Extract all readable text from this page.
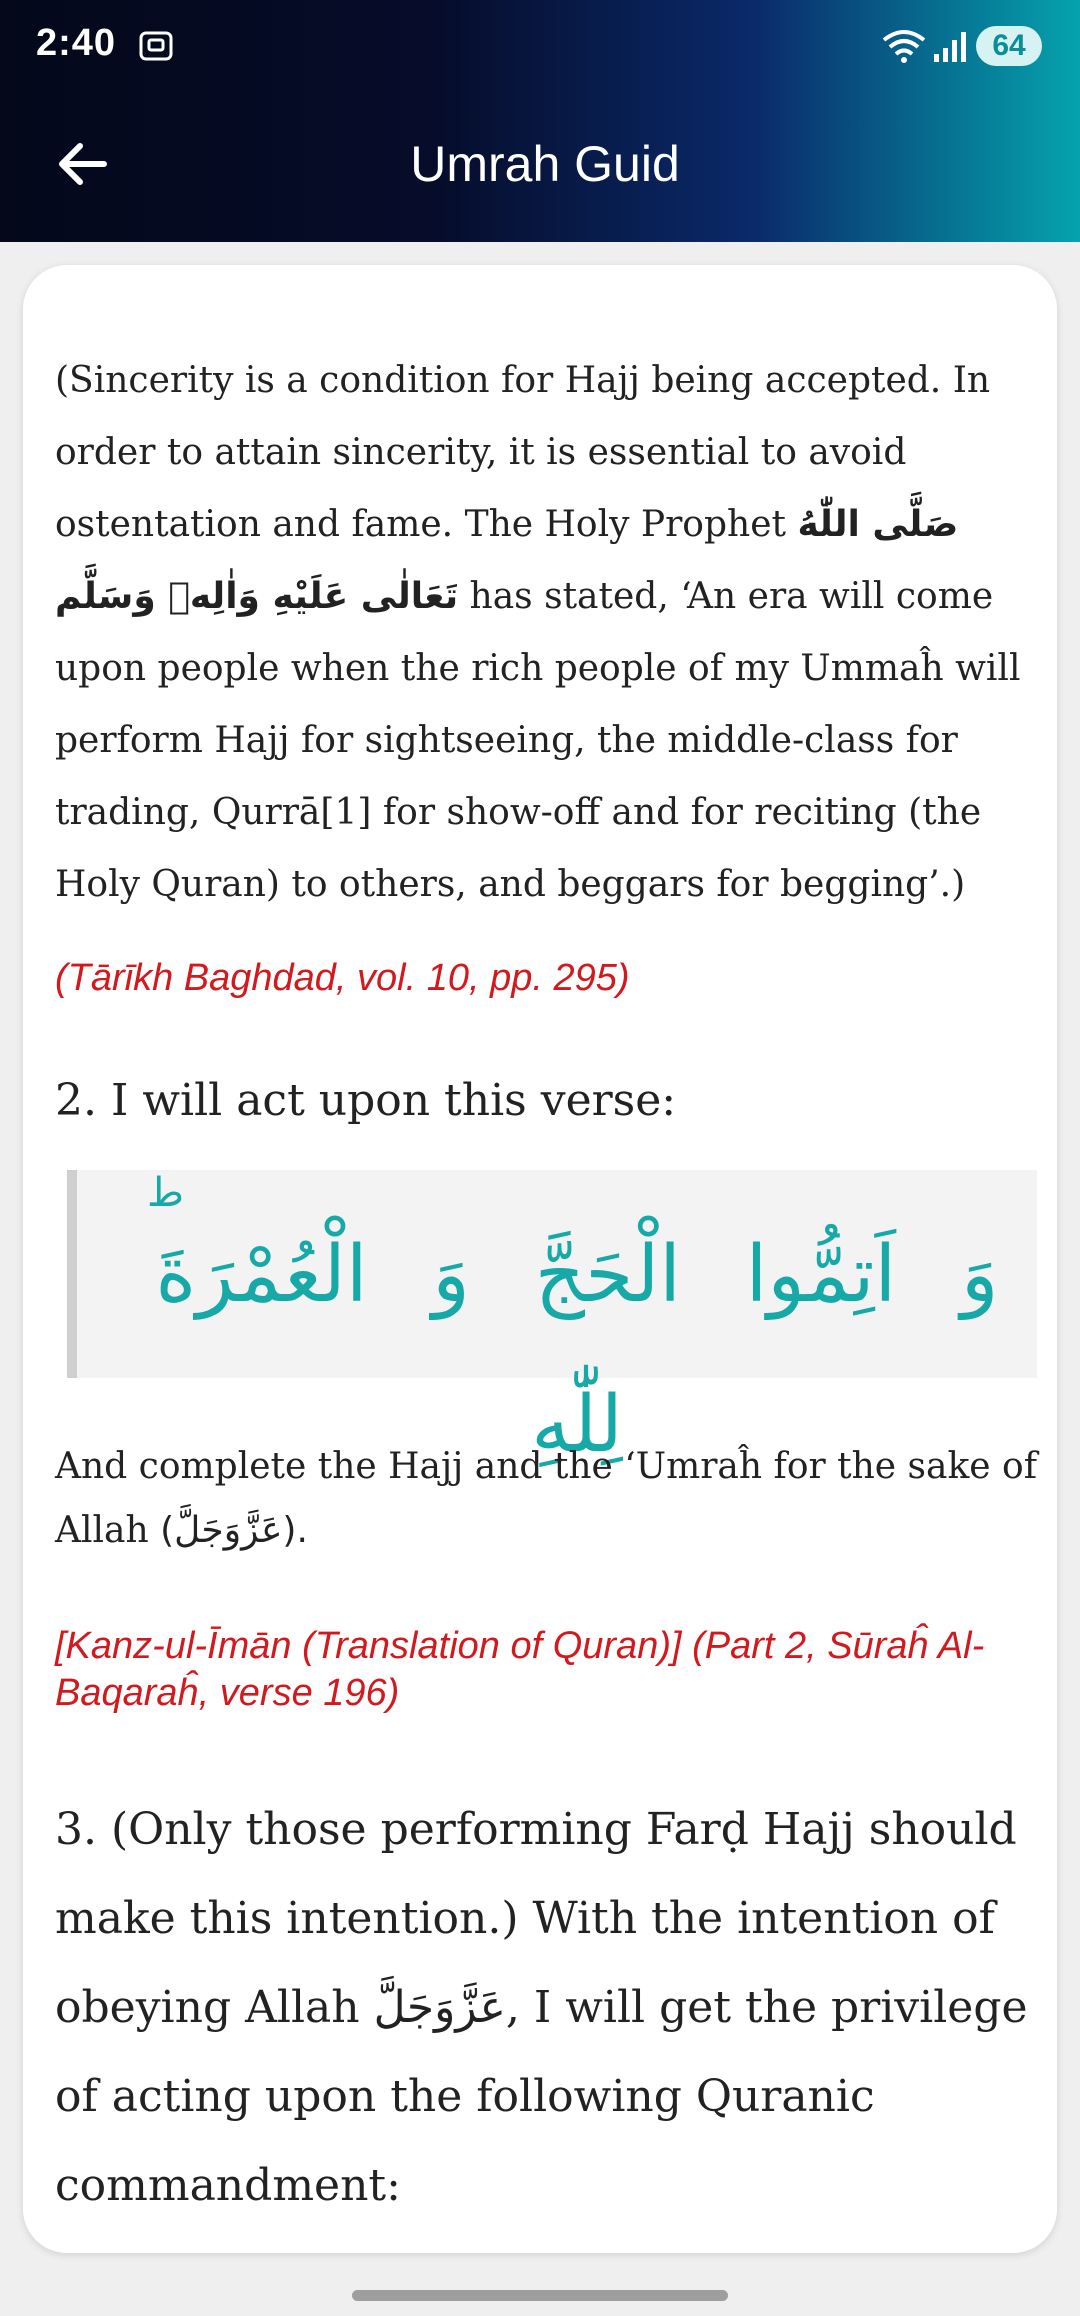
2:40	64
Umrah Guid
(Sincerity is a condition for Hajj being accepted. In order to attain sincerity, it is essential to avoid ostentation and fame. The Holy Prophet صَلَّى اللّٰهُ تَعَالٰى عَلَيْهِ وَاٰلِهٖ وَسَلَّم has stated, ‘An era will come upon people when the rich people of my Ummaĥ will perform Hajj for sightseeing, the middle-class for trading, Qurrā[1] for show-off and for reciting (the Holy Quran) to others, and beggars for begging’.)
(Tārīkh Baghdad, vol. 10, pp. 295)
2. I will act upon this verse:
ط
وَ اَتِمُّوا الْحَجَّ وَ الْعُمْرَةَ لِلّٰهِ
And complete the Hajj and the ‘Umraĥ for the sake of Allah (عَزَّوَجَلَّ).
[Kanz-ul-Īmān (Translation of Quran)] (Part 2, Sūraĥ Al-Baqaraĥ, verse 196)
3. (Only those performing Farḍ Hajj should make this intention.) With the intention of obeying Allah عَزَّوَجَلَّ, I will get the privilege of acting upon the following Quranic commandment:
